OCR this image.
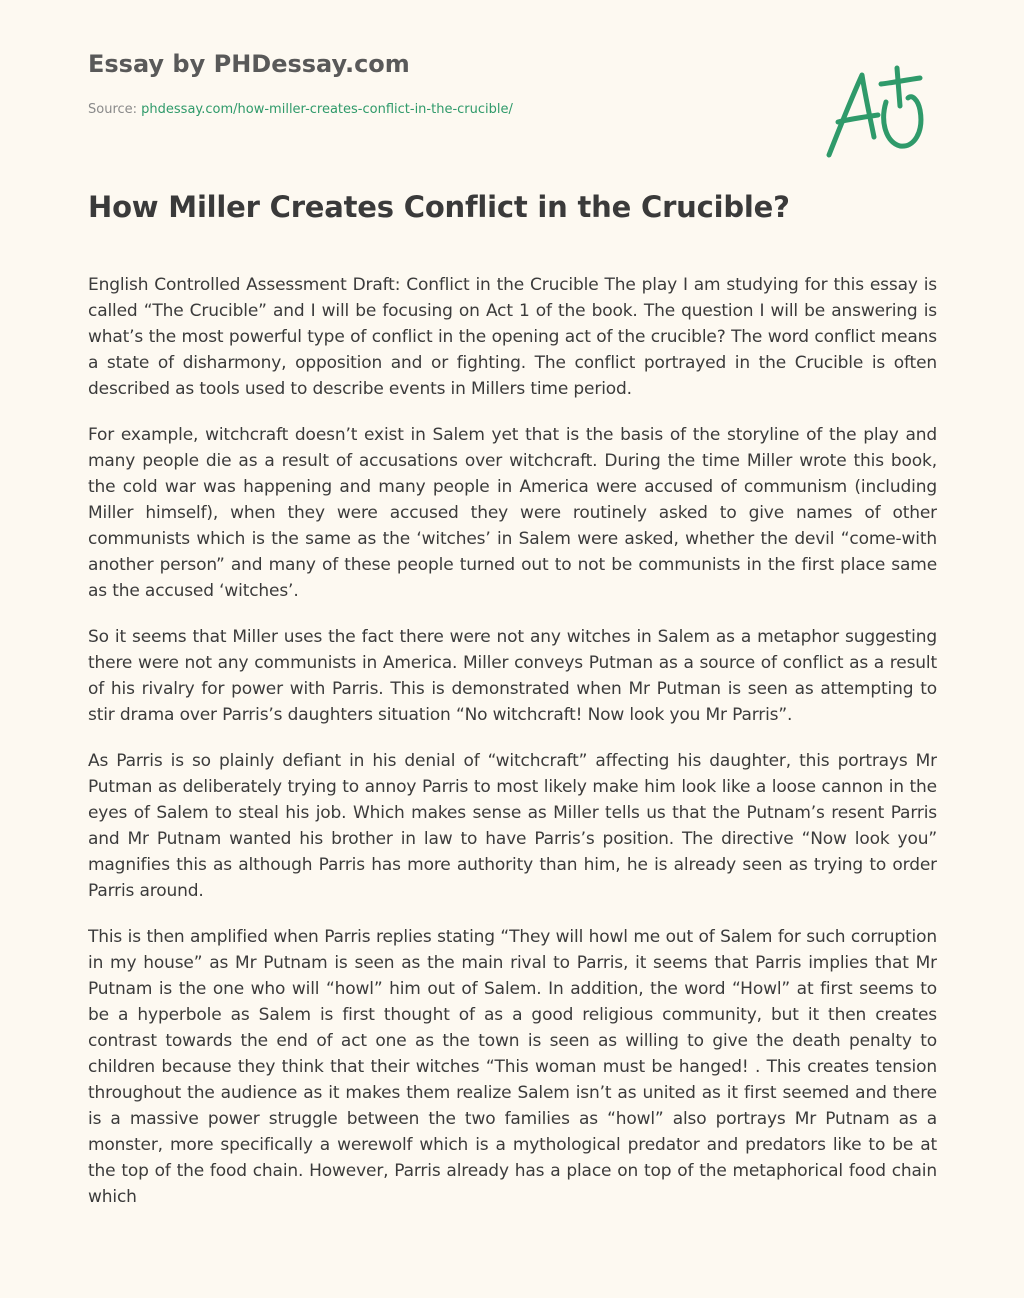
Essay by PHDessay.com

Source: phdessay.com/how-miller-creates-conflict-in-the-crucible/

How Miller Creates Conflict in the Crucible?

English Controlled Assessment Draft: Conflict in the Crucible The play I am studying for this essay is called “The Crucible” and I will be focusing on Act 1 of the book. The question I will be answering is what’s the most powerful type of conflict in the opening act of the crucible? The word conflict means a state of disharmony, opposition and or fighting. The conflict portrayed in the Crucible is often described as tools used to describe events in Millers time period.

For example, witchcraft doesn’t exist in Salem yet that is the basis of the storyline of the play and many people die as a result of accusations over witchcraft. During the time Miller wrote this book, the cold war was happening and many people in America were accused of communism (including Miller himself), when they were accused they were routinely asked to give names of other communists which is the same as the ‘witches’ in Salem were asked, whether the devil “come-with another person” and many of these people turned out to not be communists in the first place same as the accused ‘witches’.

So it seems that Miller uses the fact there were not any witches in Salem as a metaphor suggesting there were not any communists in America. Miller conveys Putman as a source of conflict as a result of his rivalry for power with Parris. This is demonstrated when Mr Putman is seen as attempting to stir drama over Parris’s daughters situation “No witchcraft! Now look you Mr Parris”.

As Parris is so plainly defiant in his denial of “witchcraft” affecting his daughter, this portrays Mr Putman as deliberately trying to annoy Parris to most likely make him look like a loose cannon in the eyes of Salem to steal his job. Which makes sense as Miller tells us that the Putnam’s resent Parris and Mr Putnam wanted his brother in law to have Parris’s position. The directive “Now look you” magnifies this as although Parris has more authority than him, he is already seen as trying to order Parris around.

This is then amplified when Parris replies stating “They will howl me out of Salem for such corruption in my house” as Mr Putnam is seen as the main rival to Parris, it seems that Parris implies that Mr Putnam is the one who will “howl” him out of Salem. In addition, the word “Howl” at first seems to be a hyperbole as Salem is first thought of as a good religious community, but it then creates contrast towards the end of act one as the town is seen as willing to give the death penalty to children because they think that their witches “This woman must be hanged! . This creates tension throughout the audience as it makes them realize Salem isn’t as united as it first seemed and there is a massive power struggle between the two families as “howl” also portrays Mr Putnam as a monster, more specifically a werewolf which is a mythological predator and predators like to be at the top of the food chain. However, Parris already has a place on top of the metaphorical food chain which
